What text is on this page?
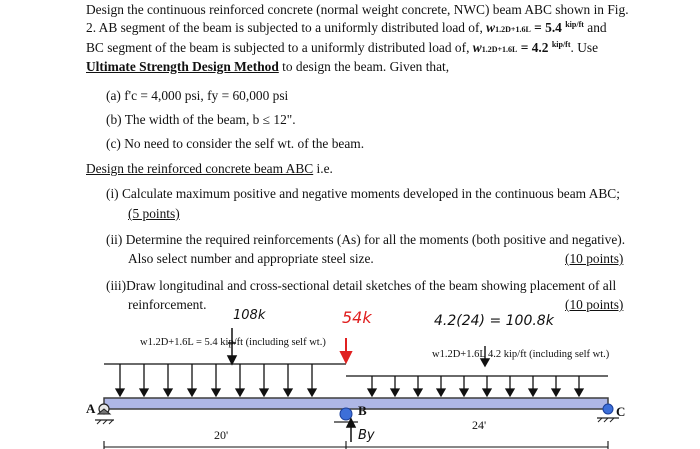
Design the continuous reinforced concrete (normal weight concrete, NWC) beam ABC shown in Fig.
2. AB segment of the beam is subjected to a uniformly distributed load of, w1.2D+1.6L = 5.4 $^{kip/ft}$ and
BC segment of the beam is subjected to a uniformly distributed load of, w1.2D+1.6L = 4.2 $^{kip/ft}$. Use
Ultimate Strength Design Method to design the beam. Given that,
(a) f'c = 4,000 psi, fy = 60,000 psi
(b) The width of the beam, b ≤ 12".
(c) No need to consider the self wt. of the beam.
Design the reinforced concrete beam ABC i.e.
(i) Calculate maximum positive and negative moments developed in the continuous beam ABC;
(5 points)
(ii) Determine the required reinforcements (As) for all the moments (both positive and negative).
Also select number and appropriate steel size.	(10 points)
(iii)Draw longitudinal and cross-sectional detail sketches of the beam showing placement of all
reinforcement.	(10 points)
w1.2D+1.6L = 5.4 kip/ft (including self wt.)
w1.2D+1.6L 4.2 kip/ft (including self wt.)
A	B	C
20'
24'
108k	54k	4.2(24) = 100.8k
By
